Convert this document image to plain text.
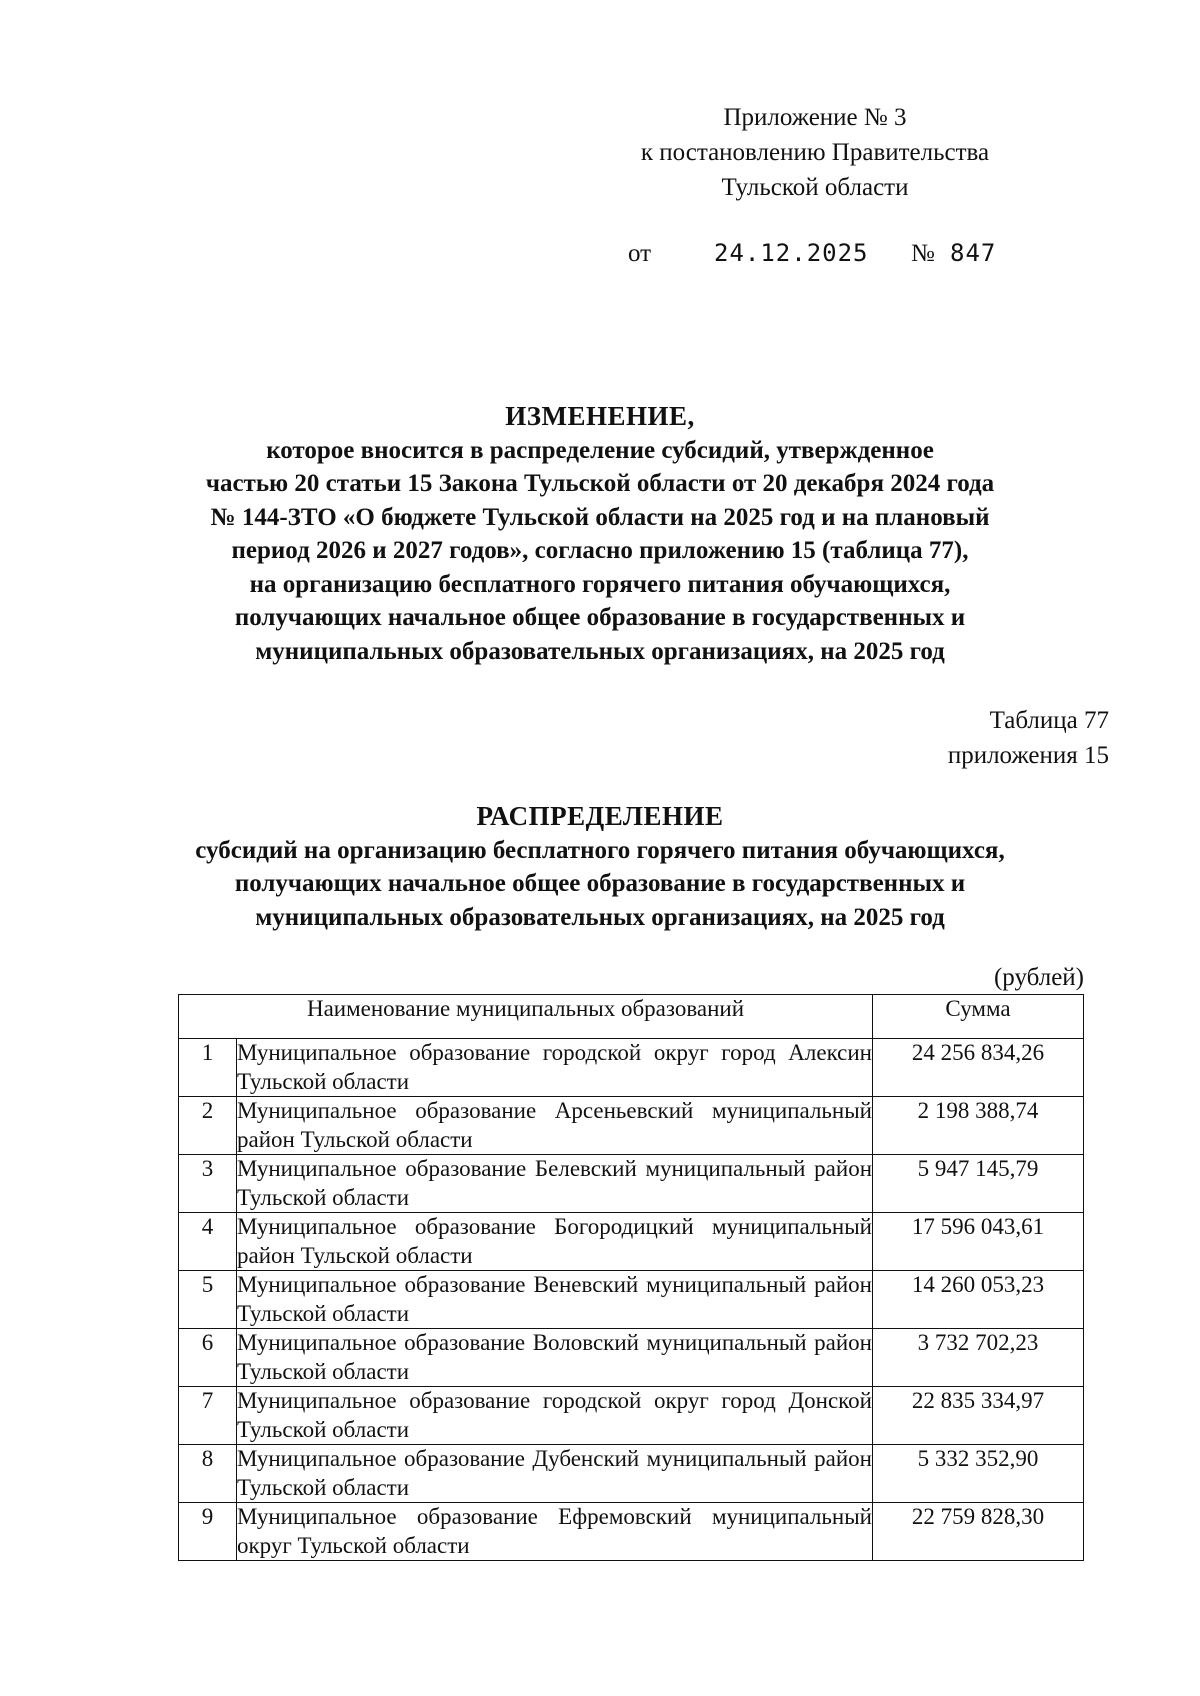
Приложение № 3
к постановлению Правительства
Тульской области
от	24.12.2025 № 847
ИЗМЕНЕНИЕ,
которое вносится в распределение субсидий, утвержденное
частью 20 статьи 15 Закона Тульской области от 20 декабря 2024 года
№ 144-ЗТО «О бюджете Тульской области на 2025 год и на плановый
период 2026 и 2027 годов», согласно приложению 15 (таблица 77),
на организацию бесплатного горячего питания обучающихся,
получающих начальное общее образование в государственных и
муниципальных образовательных организациях, на 2025 год
Таблица 77
приложения 15
РАСПРЕДЕЛЕНИЕ
субсидий на организацию бесплатного горячего питания обучающихся,
получающих начальное общее образование в государственных и
муниципальных образовательных организациях, на 2025 год
(рублей)
Наименование муниципальных образований		Сумма
1	Муниципальное образование городской округ город Алексин Тульской области	24 256 834,26
2	Муниципальное образование Арсеньевский муниципальный район Тульской области	2 198 388,74
3	Муниципальное образование Белевский муниципальный район Тульской области	5 947 145,79
4	Муниципальное образование Богородицкий муниципальный район Тульской области	17 596 043,61
5	Муниципальное образование Веневский муниципальный район Тульской области	14 260 053,23
6	Муниципальное образование Воловский муниципальный район Тульской области	3 732 702,23
7	Муниципальное образование городской округ город Донской Тульской области	22 835 334,97
8	Муниципальное образование Дубенский муниципальный район Тульской области	5 332 352,90
9	Муниципальное образование Ефремовский муниципальный округ Тульской области	22 759 828,30
